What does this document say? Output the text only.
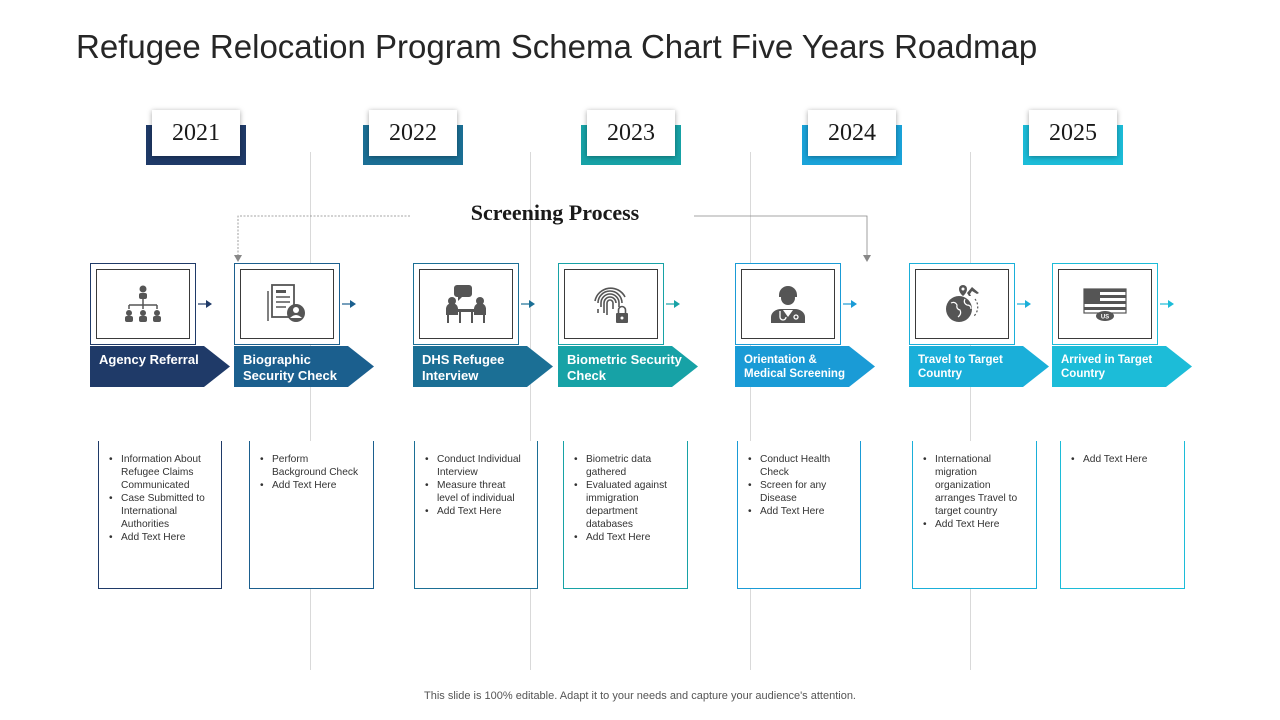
Refugee Relocation Program Schema Chart Five Years Roadmap
2021	2022	2023	2024	2025
Screening Process
Agency Referral	Biographic Security Check
DHS Refugee Interview
Biometric Security Check
Orientation & Medical Screening
Travel to Target Country
US
Arrived in Target Country
• Information About Refugee Claims Communicated
• Case Submitted to International Authorities
• Add Text Here
• Perform Background Check
• Add Text Here
• Conduct Individual Interview
• Measure threat level of individual
• Add Text Here
• Biometric data gathered
• Evaluated against immigration department databases
• Add Text Here
• Conduct Health Check
• Screen for any Disease
• Add Text Here
• International migration organization arranges Travel to target country
• Add Text Here
• Add Text Here
This slide is 100% editable. Adapt it to your needs and capture your audience's attention.
